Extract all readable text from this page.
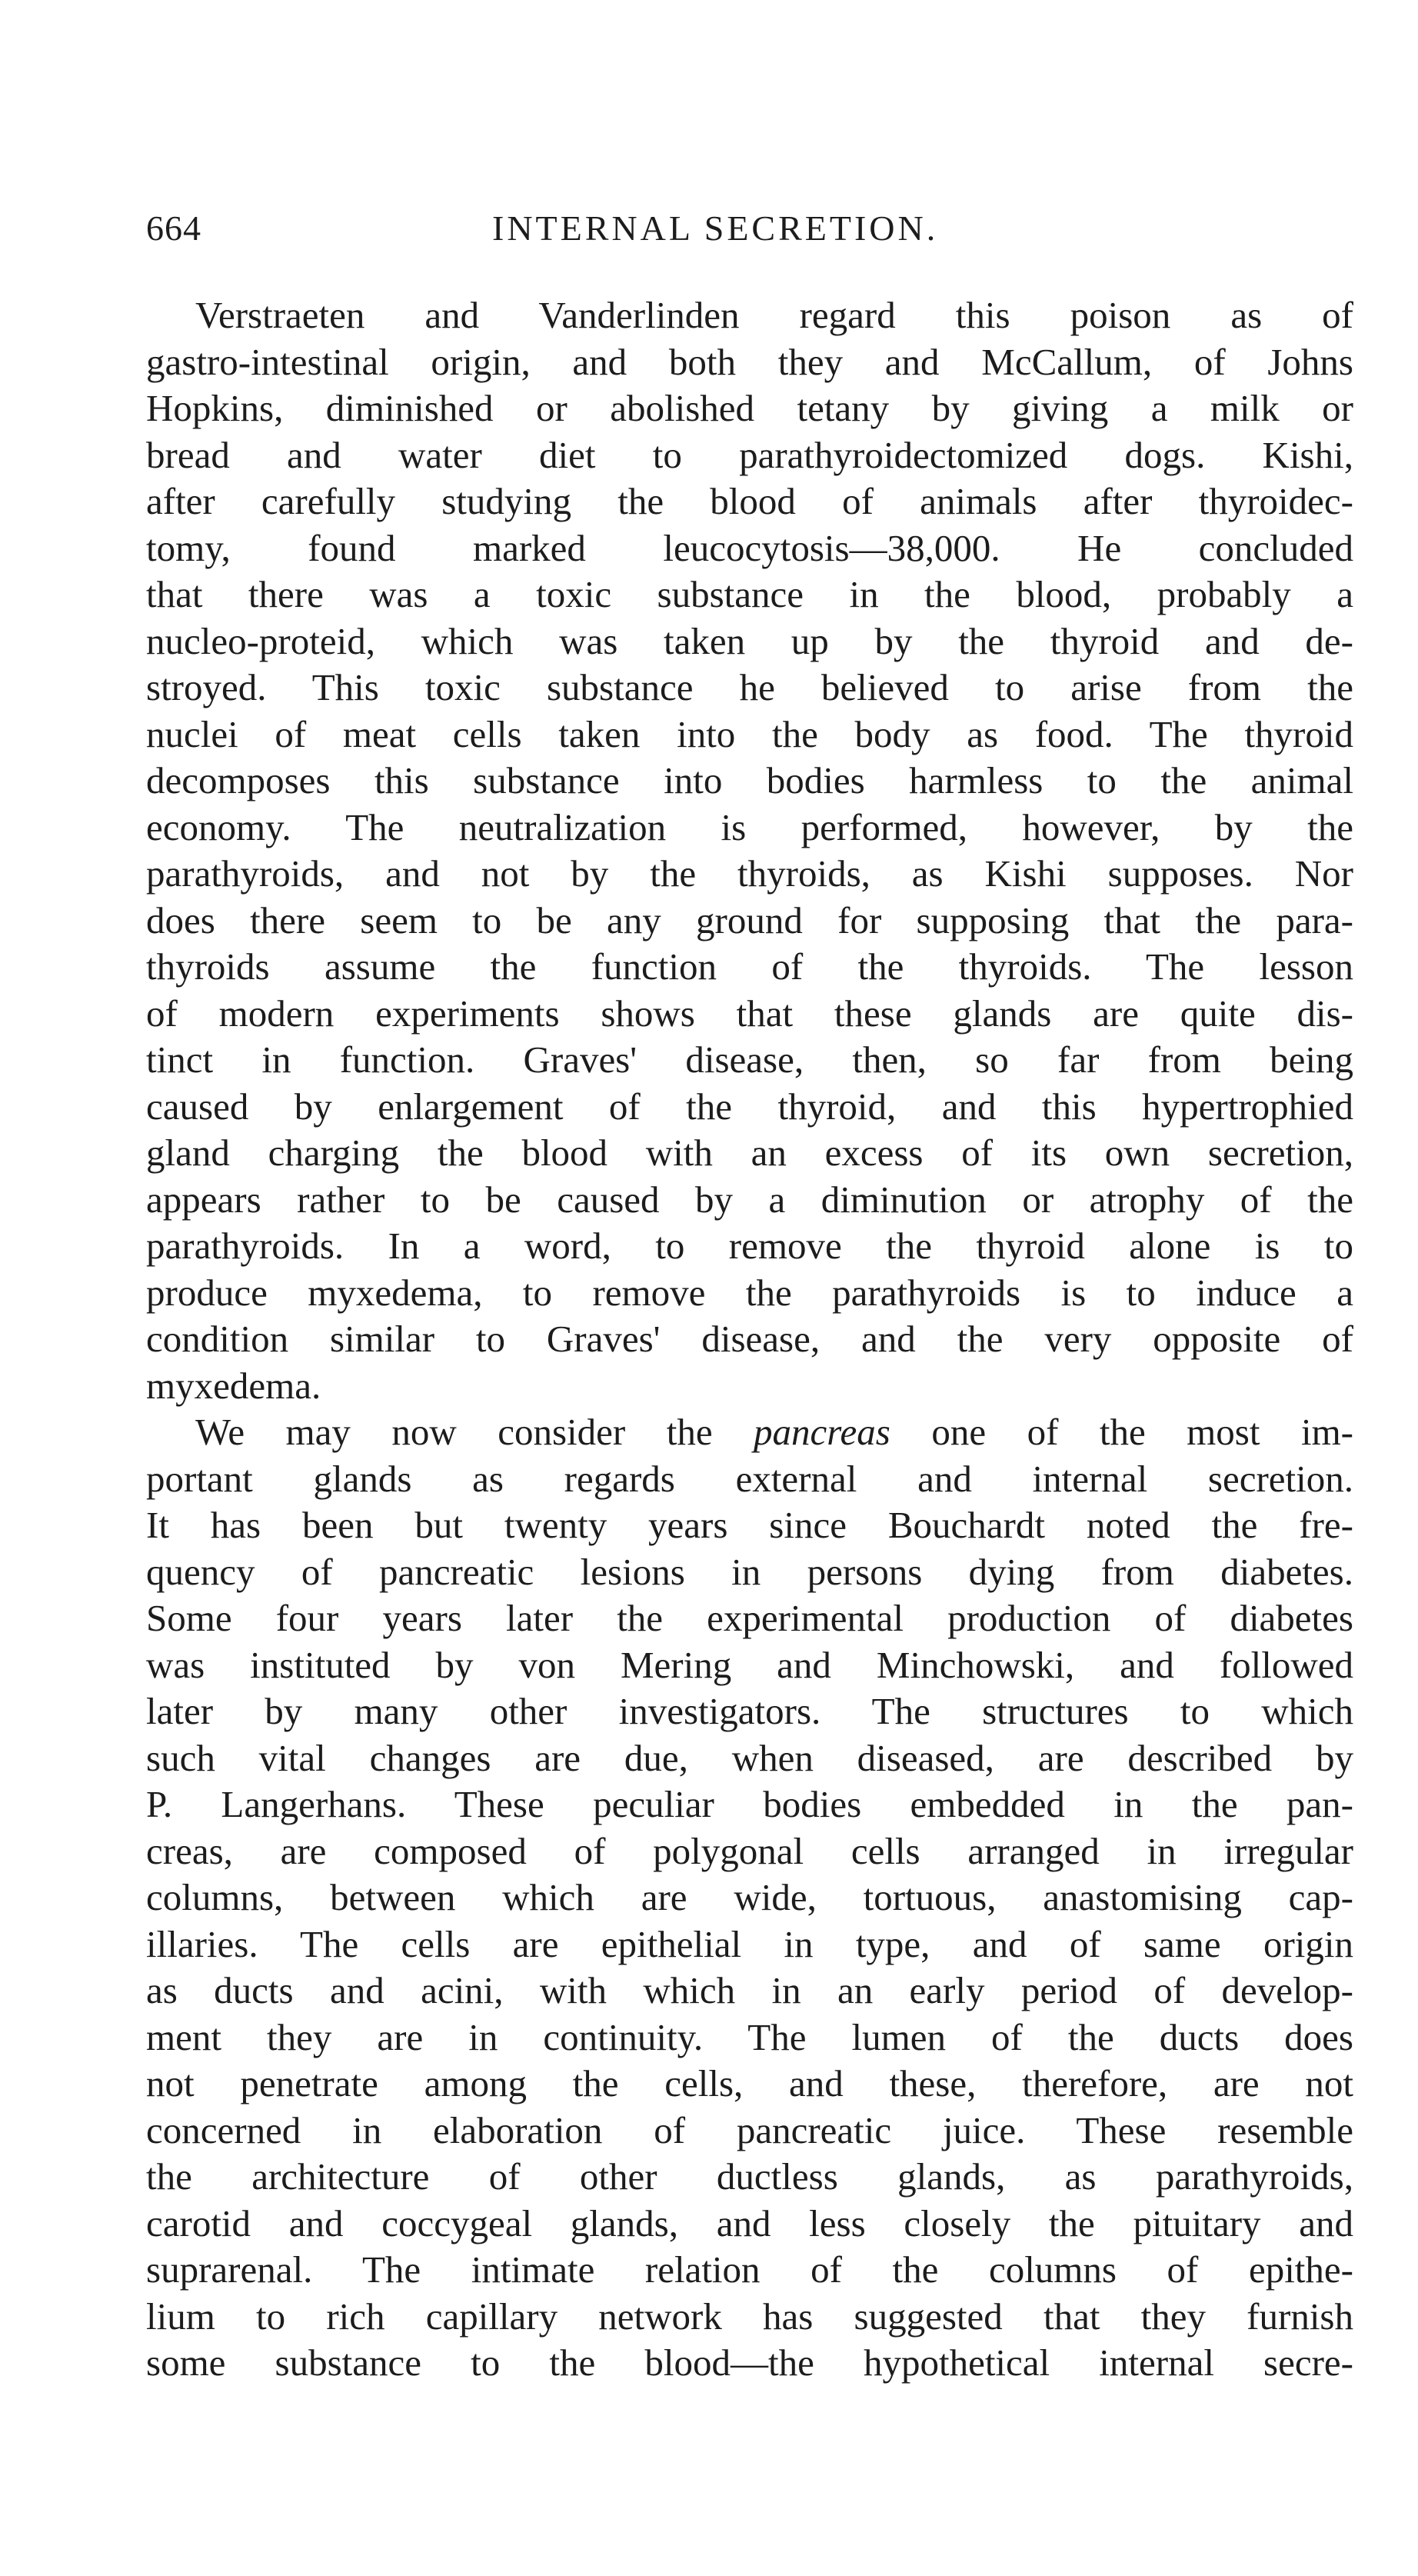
664	INTERNAL SECRETION.
Verstraeten and Vanderlinden regard this poison as of
gastro-intestinal origin, and both they and McCallum, of Johns
Hopkins, diminished or abolished tetany by giving a milk or
bread and water diet to parathyroidectomized dogs. Kishi,
after carefully studying the blood of animals after thyroidec-
tomy, found marked leucocytosis—38,000. He concluded
that there was a toxic substance in the blood, probably a
nucleo-proteid, which was taken up by the thyroid and de-
stroyed. This toxic substance he believed to arise from the
nuclei of meat cells taken into the body as food. The thyroid
decomposes this substance into bodies harmless to the animal
economy. The neutralization is performed, however, by the
parathyroids, and not by the thyroids, as Kishi supposes. Nor
does there seem to be any ground for supposing that the para-
thyroids assume the function of the thyroids. The lesson
of modern experiments shows that these glands are quite dis-
tinct in function. Graves' disease, then, so far from being
caused by enlargement of the thyroid, and this hypertrophied
gland charging the blood with an excess of its own secretion,
appears rather to be caused by a diminution or atrophy of the
parathyroids. In a word, to remove the thyroid alone is to
produce myxedema, to remove the parathyroids is to induce a
condition similar to Graves' disease, and the very opposite of
myxedema.
We may now consider the pancreas one of the most im-
portant glands as regards external and internal secretion.
It has been but twenty years since Bouchardt noted the fre-
quency of pancreatic lesions in persons dying from diabetes.
Some four years later the experimental production of diabetes
was instituted by von Mering and Minchowski, and followed
later by many other investigators. The structures to which
such vital changes are due, when diseased, are described by
P. Langerhans. These peculiar bodies embedded in the pan-
creas, are composed of polygonal cells arranged in irregular
columns, between which are wide, tortuous, anastomising cap-
illaries. The cells are epithelial in type, and of same origin
as ducts and acini, with which in an early period of develop-
ment they are in continuity. The lumen of the ducts does
not penetrate among the cells, and these, therefore, are not
concerned in elaboration of pancreatic juice. These resemble
the architecture of other ductless glands, as parathyroids,
carotid and coccygeal glands, and less closely the pituitary and
suprarenal. The intimate relation of the columns of epithe-
lium to rich capillary network has suggested that they furnish
some substance to the blood—the hypothetical internal secre-
